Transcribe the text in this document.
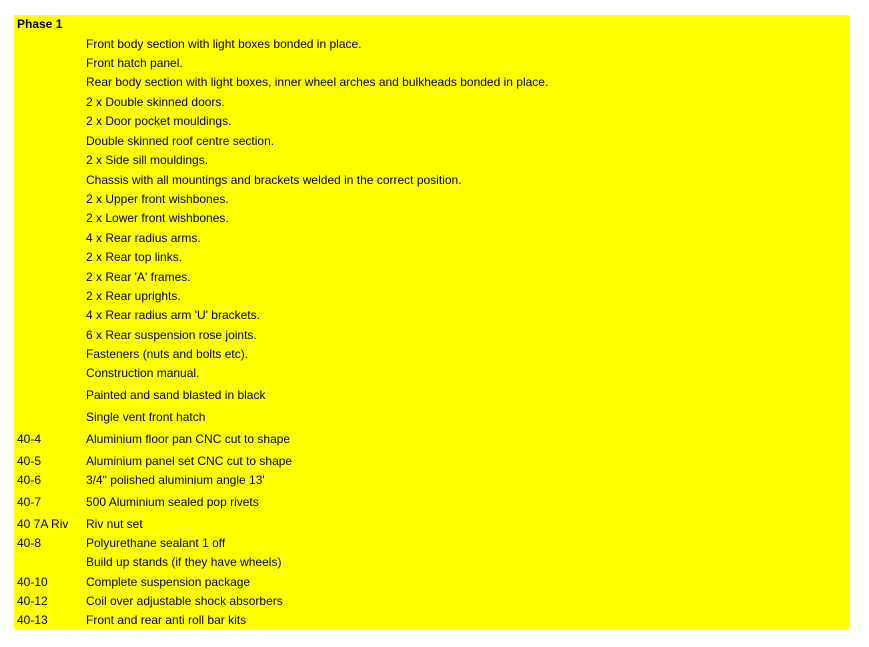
Phase 1
Front body section with light boxes bonded in place.
Front hatch panel.
Rear body section with light boxes, inner wheel arches and bulkheads bonded in place.
2 x Double skinned doors.
2 x Door pocket mouldings.
Double skinned roof centre section.
2 x Side sill mouldings.
Chassis with all mountings and brackets welded in the correct position.
2 x Upper front wishbones.
2 x Lower front wishbones.
4 x Rear radius arms.
2 x Rear top links.
2 x Rear 'A' frames.
2 x Rear uprights.
4 x Rear radius arm 'U' brackets.
6 x Rear suspension rose joints.
Fasteners (nuts and bolts etc).
Construction manual.
Painted and sand blasted in black
Single vent front hatch
40-4	Aluminium floor pan CNC cut to shape
40-5	Aluminium panel set CNC cut to shape
40-6	3/4" polished aluminium angle 13'
40-7	500 Aluminium sealed pop rivets
40 7A Riv	Riv nut set
40-8	Polyurethane sealant 1 off
Build up stands (if they have wheels)
40-10	Complete suspension package
40-12	Coil over adjustable shock absorbers
40-13	Front and rear anti roll bar kits
